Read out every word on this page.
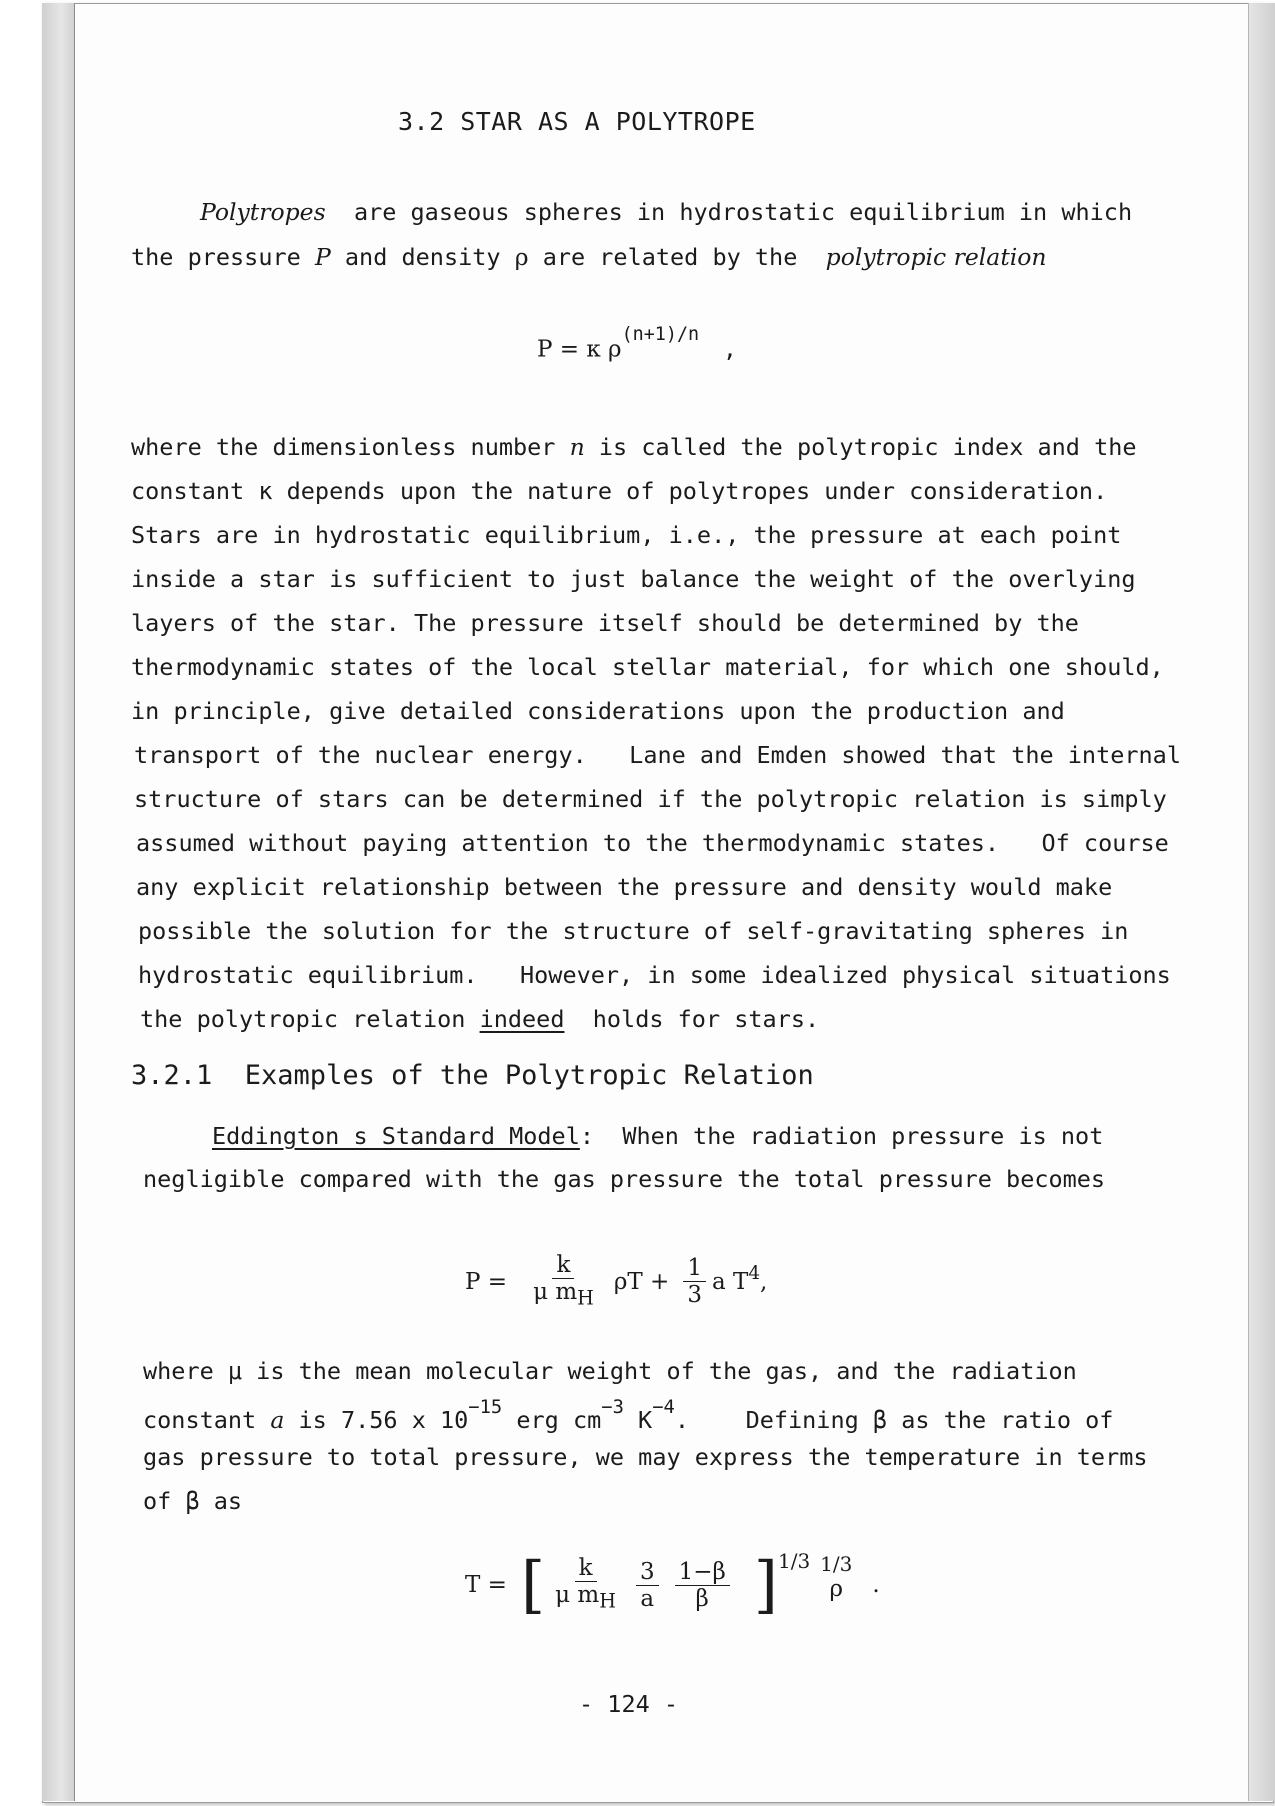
3.2 STAR AS A POLYTROPE
Polytropes are gaseous spheres in hydrostatic equilibrium in which
the pressure P and density ρ are related by the polytropic relation
P = κ $\rho^{(n+1)/n}$ ,
where the dimensionless number n is called the polytropic index and the
constant κ depends upon the nature of polytropes under consideration.
Stars are in hydrostatic equilibrium, i.e., the pressure at each point
inside a star is sufficient to just balance the weight of the overlying
layers of the star. The pressure itself should be determined by the
thermodynamic states of the local stellar material, for which one should,
in principle, give detailed considerations upon the production and
transport of the nuclear energy.   Lane and Emden showed that the internal
structure of stars can be determined if the polytropic relation is simply
assumed without paying attention to the thermodynamic states.   Of course
any explicit relationship between the pressure and density would make
possible the solution for the structure of self-gravitating spheres in
hydrostatic equilibrium.   However, in some idealized physical situations
the polytropic relation indeed holds for stars.
3.2.1  Examples of the Polytropic Relation
Eddington s Standard Model: When the radiation pressure is not
negligible compared with the gas pressure the total pressure becomes
$P = \frac{k}{\mu m_H}$ $\rho T + \frac{1}{3}$ a $T^4$ ,
where μ is the mean molecular weight of the gas, and the radiation
constant a is 7.56 x $10^{-15}$ erg $cm^{-3}$ $K^{-4}$.    Defining β as the ratio of
gas pressure to total pressure, we may express the temperature in terms
of β as
T = [ $\frac{k}{\mu m_H} \frac{3}{a} \frac{1-\beta}{\beta}$ ] 1/3 1/3
ρ .
- 124 -
